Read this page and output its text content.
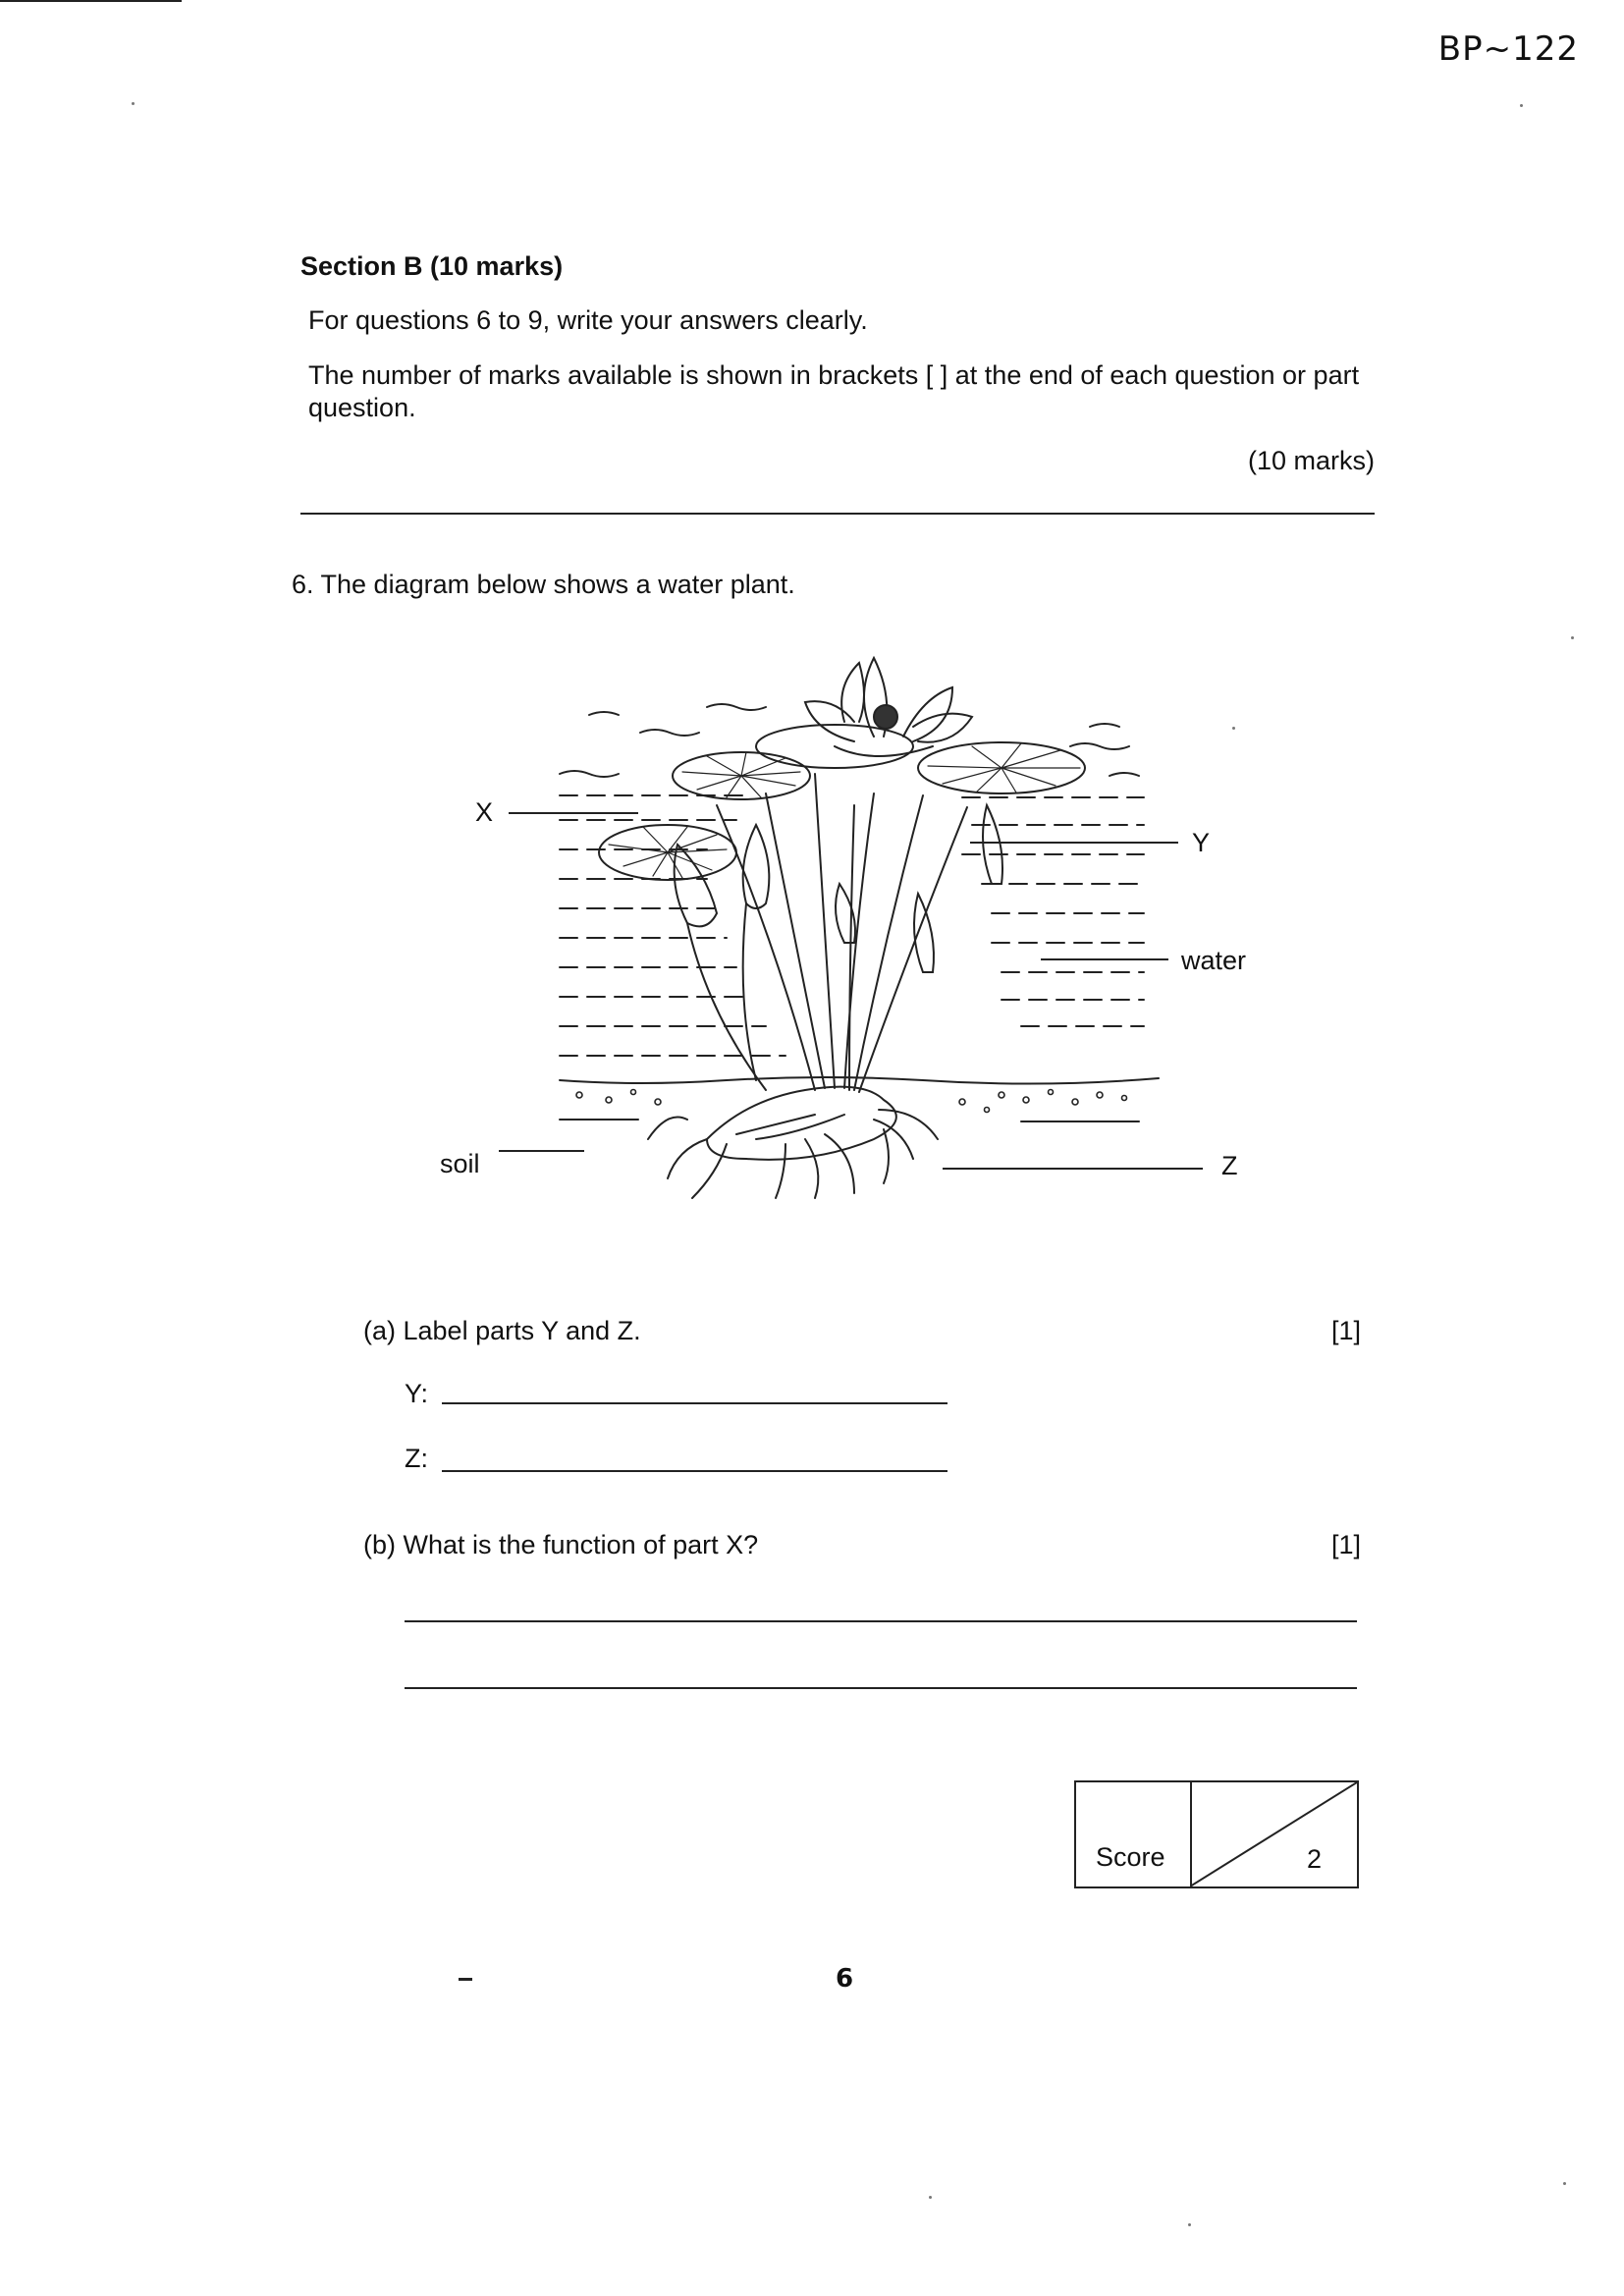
BP~122
Section B (10 marks)
For questions 6 to 9, write your answers clearly.
The number of marks available is shown in brackets [ ] at the end of each question or part question.
(10 marks)
6. The diagram below shows a water plant.
X
Y
water
soil	Z
(a) Label parts Y and Z.	[1]
Y:
Z:
(b) What is the function of part X?	[1]
Score	2
6
